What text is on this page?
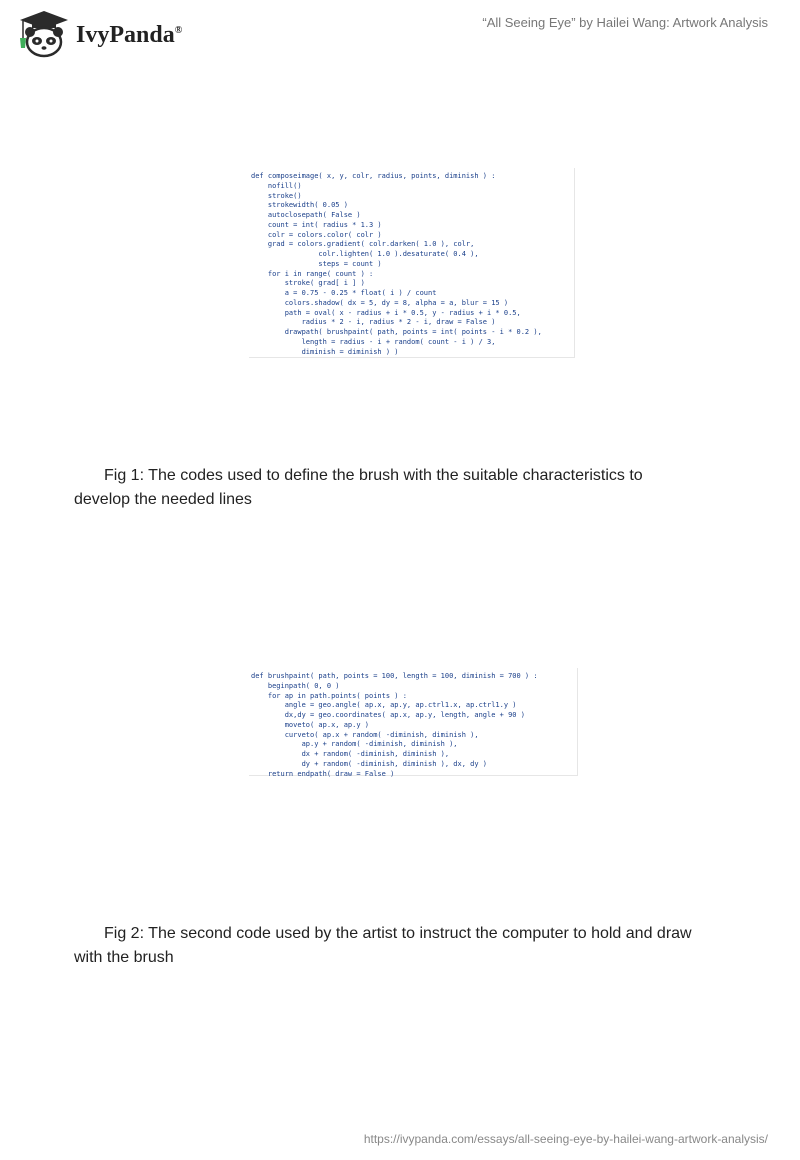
IvyPanda®	“All Seeing Eye” by Hailei Wang: Artwork Analysis
def composeimage( x, y, colr, radius, points, diminish ) :
nofill()
stroke()
strokewidth( 0.05 )
autoclosepath( False )
count = int( radius * 1.3 )
colr = colors.color( colr )
grad = colors.gradient( colr.darken( 1.0 ), colr,
colr.lighten( 1.0 ).desaturate( 0.4 ),
steps = count )
for i in range( count ) :
stroke( grad[ i ] )
a = 0.75 - 0.25 * float( i ) / count
colors.shadow( dx = 5, dy = 8, alpha = a, blur = 15 )
path = oval( x - radius + i * 0.5, y - radius + i * 0.5,
radius * 2 - i, radius * 2 - i, draw = False )
drawpath( brushpaint( path, points = int( points - i * 0.2 ),
length = radius - i + random( count - i ) / 3,
diminish = diminish ) )
Fig 1: The codes used to define the brush with the suitable characteristics to
develop the needed lines
def brushpaint( path, points = 100, length = 100, diminish = 700 ) :
beginpath( 0, 0 )
for ap in path.points( points ) :
angle = geo.angle( ap.x, ap.y, ap.ctrl1.x, ap.ctrl1.y )
dx,dy = geo.coordinates( ap.x, ap.y, length, angle + 90 )
moveto( ap.x, ap.y )
curveto( ap.x + random( -diminish, diminish ),
ap.y + random( -diminish, diminish ),
dx + random( -diminish, diminish ),
dy + random( -diminish, diminish ), dx, dy )
return endpath( draw = False )
Fig 2: The second code used by the artist to instruct the computer to hold and draw
with the brush
https://ivypanda.com/essays/all-seeing-eye-by-hailei-wang-artwork-analysis/
